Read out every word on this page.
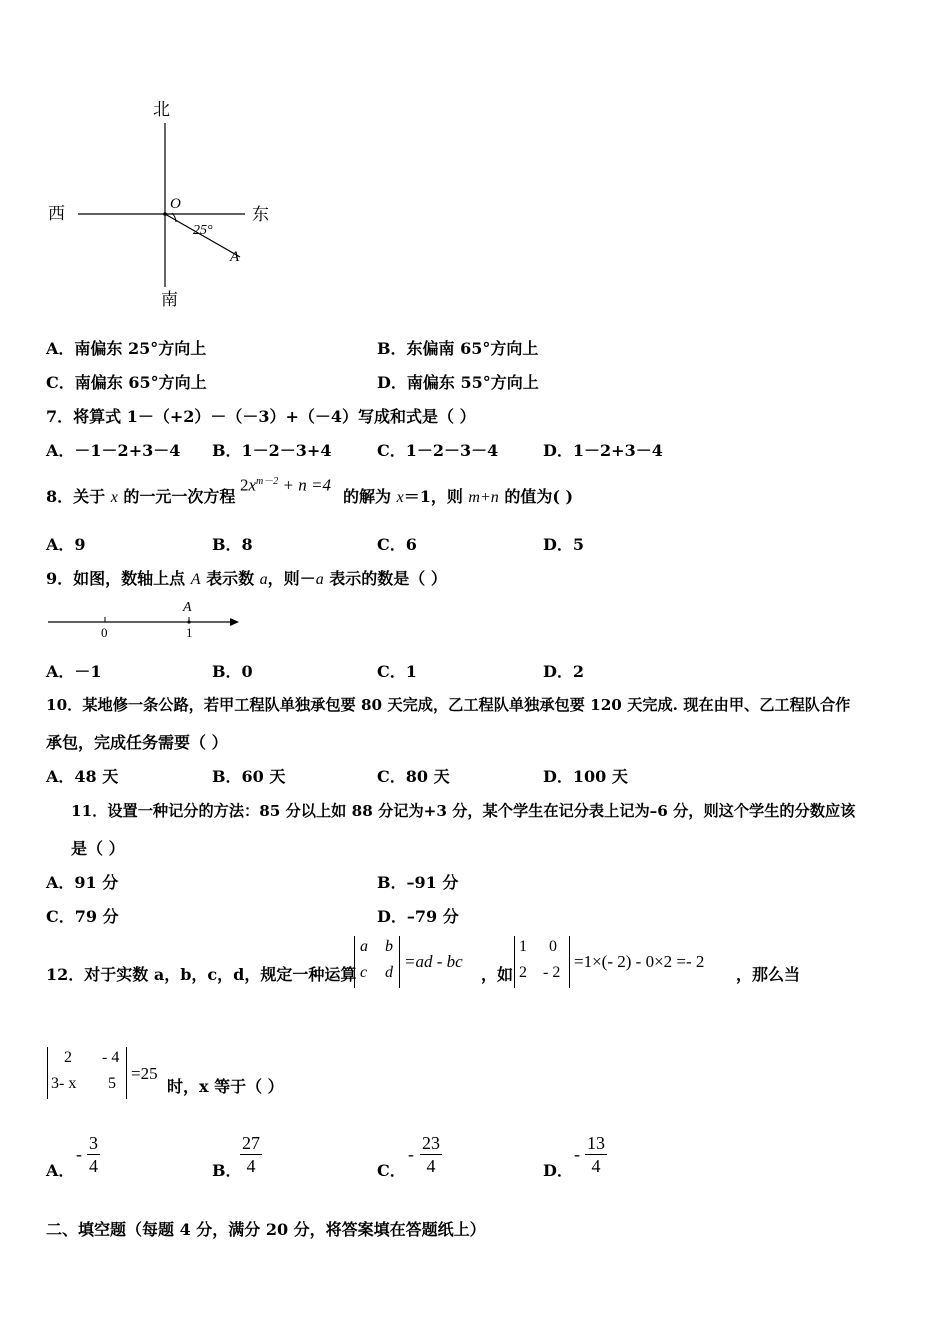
北
南
西	东
O
25°
A
A．南偏东 25°方向上	B．东偏南 65°方向上
C．南偏东 65°方向上	D．南偏东 55°方向上
7．将算式 1－（+2）－（－3）+（－4）写成和式是（ ）
A．－1－2+3－4 B．1－2－3+4	C．1－2－3－4	D．1－2+3－4
8．关于 x 的一元一次方程
$2x^{m-2} + n =4$
的解为 x＝1，则 m+n 的值为( )
A．9	B．8	C．6	D．5
9．如图，数轴上点 A 表示数 a，则－a 表示的数是（ ）
A
0	1
A．－1	B．0	C．1	D．2
10．某地修一条公路，若甲工程队单独承包要 80 天完成，乙工程队单独承包要 120 天完成. 现在由甲、乙工程队合作
承包，完成任务需要（ ）
A．48 天	B．60 天	C．80 天	D．100 天
11．设置一种记分的方法：85 分以上如 88 分记为+3 分，某个学生在记分表上记为–6 分，则这个学生的分数应该
是（ ）
A．91 分	B．–91 分
C．79 分	D．–79 分
12．对于实数 a，b，c，d，规定一种运算
a b
c d
=ad - bc
，如
1 0
2 - 2
=1×(- 2) - 0×2 =- 2
，那么当
2 - 4
3- x 5
=25
时，x 等于（ ）
A．
- $\frac{3}{4}$	B．
$\frac{27}{4}$	C．
- $\frac{23}{4}$	D．
- $\frac{13}{4}$
二、填空题（每题 4 分，满分 20 分，将答案填在答题纸上）
